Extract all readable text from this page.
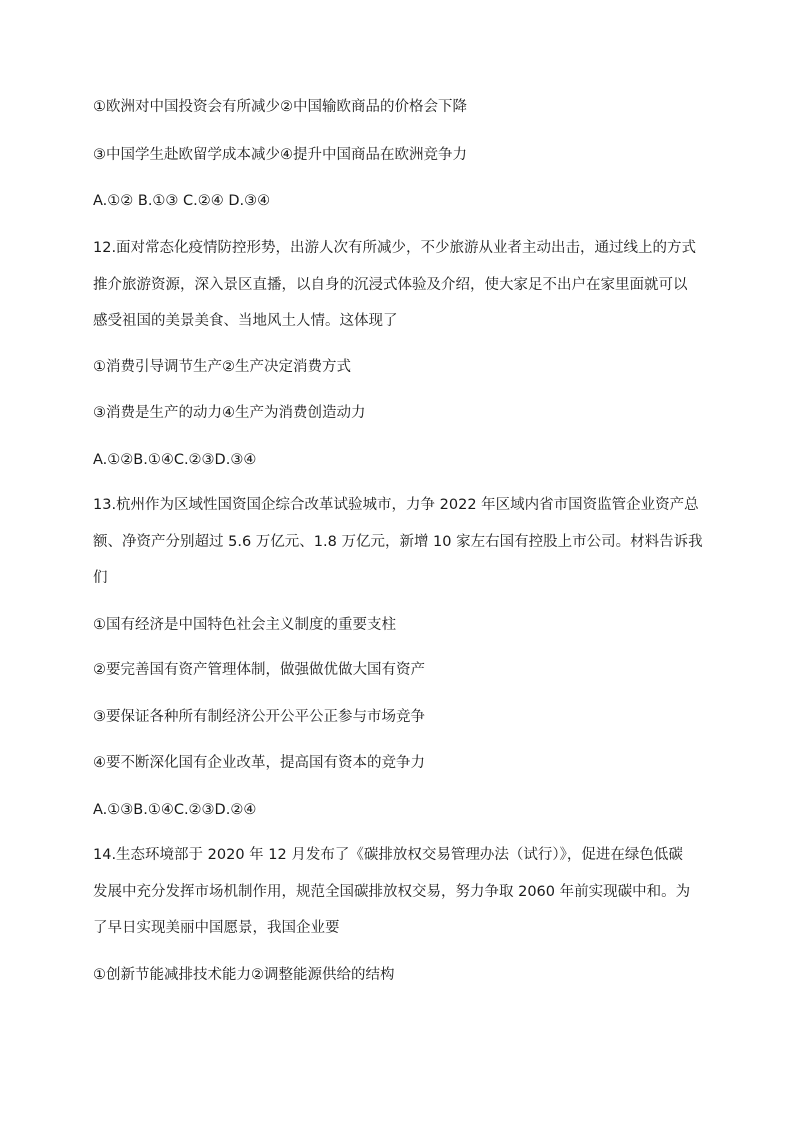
①欧洲对中国投资会有所减少②中国输欧商品的价格会下降
③中国学生赴欧留学成本减少④提升中国商品在欧洲竞争力
A.①② B.①③ C.②④ D.③④
12.面对常态化疫情防控形势，出游人次有所减少，不少旅游从业者主动出击，通过线上的方式
推介旅游资源，深入景区直播，以自身的沉浸式体验及介绍，使大家足不出户在家里面就可以
感受祖国的美景美食、当地风土人情。这体现了
①消费引导调节生产②生产决定消费方式
③消费是生产的动力④生产为消费创造动力
A.①②B.①④C.②③D.③④
13.杭州作为区域性国资国企综合改革试验城市，力争 2022 年区域内省市国资监管企业资产总
额、净资产分别超过 5.6 万亿元、1.8 万亿元，新增 10 家左右国有控股上市公司。材料告诉我
们
①国有经济是中国特色社会主义制度的重要支柱
②要完善国有资产管理体制，做强做优做大国有资产
③要保证各种所有制经济公开公平公正参与市场竞争
④要不断深化国有企业改革，提高国有资本的竞争力
A.①③B.①④C.②③D.②④
14.生态环境部于 2020 年 12 月发布了《碳排放权交易管理办法（试行）》，促进在绿色低碳
发展中充分发挥市场机制作用，规范全国碳排放权交易，努力争取 2060 年前实现碳中和。为
了早日实现美丽中国愿景，我国企业要
①创新节能减排技术能力②调整能源供给的结构
